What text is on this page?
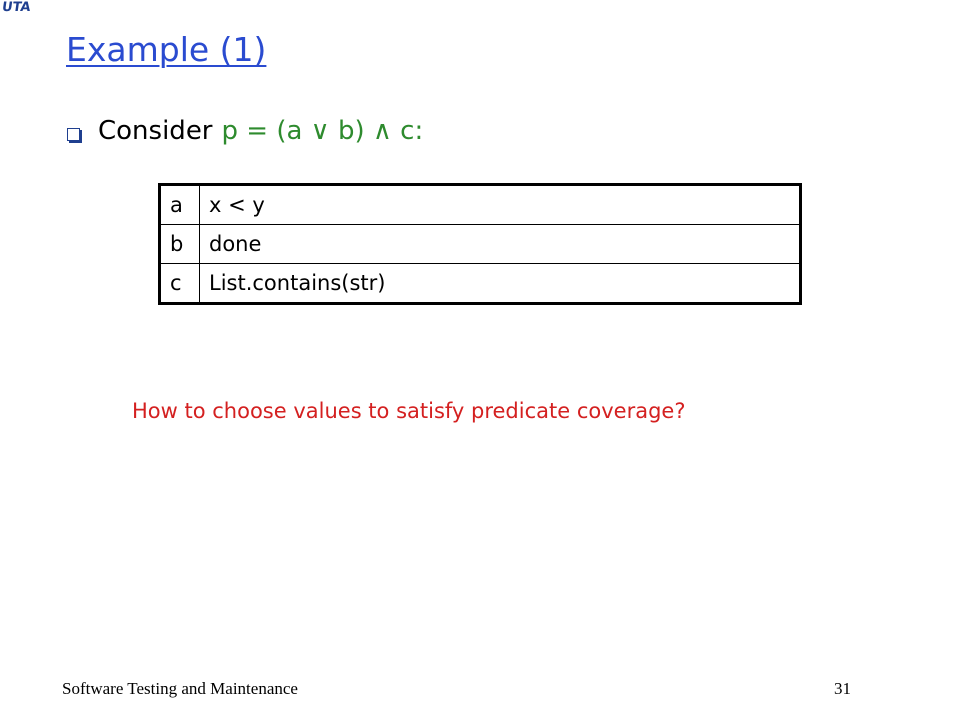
UTA
Example (1)
Consider p = (a ∨ b) ∧ c:
a	x < y
b	done
c	List.contains(str)
How to choose values to satisfy predicate coverage?
Software Testing and Maintenance	31
